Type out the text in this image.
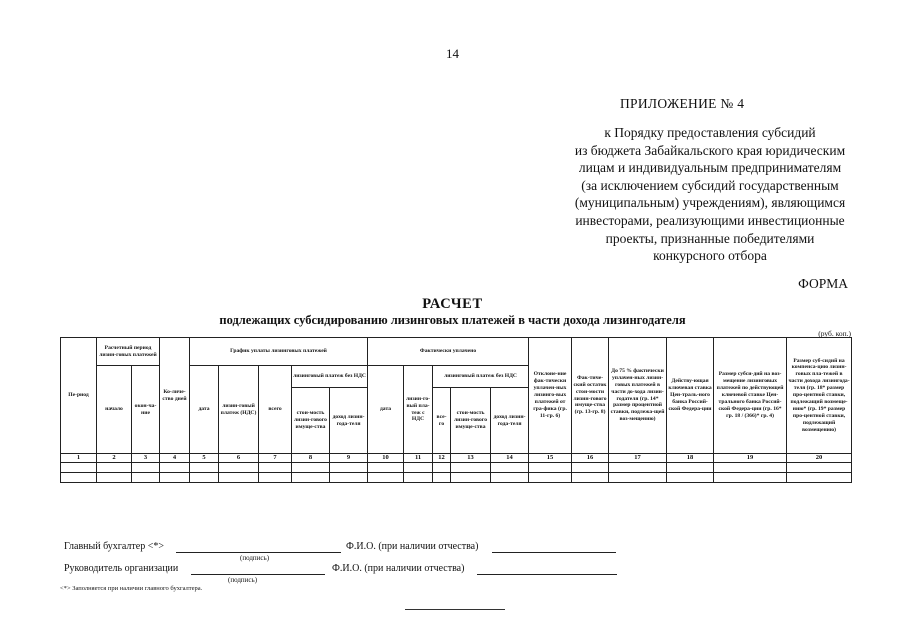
14
ПРИЛОЖЕНИЕ № 4
к Порядку предоставления субсидий
из бюджета Забайкальского края юридическим
лицам и индивидуальным предпринимателям
(за исключением субсидий государственным
(муниципальным) учреждениям), являющимся
инвесторами, реализующими инвестиционные
проекты, признанные победителями
конкурсного отбора
ФОРМА
РАСЧЕТ
подлежащих субсидированию лизинговых платежей в части дохода лизингодателя
(руб. коп.)
Пе-риод	Расчетный период лизин-говых платежей		Ко-личе-ство дней	График уплаты лизинговых платежей					Фактически уплачено					Отклоне-ние фак-тически уплачен-ных лизинго-вых платежей от гра-фика (гр. 11-гр. 6)	Фак-тиче-ский остаток стои-мости лизин-гового имуще-ства (гр. 13-гр. 8)	До 75 % фактически уплачен-ных лизин-говых платежей в части до-хода лизин-годателя (гр. 14* размер процентной ставки, подлежа-щей воз-мещению)	Действу-ющая ключевая ставка Цен-траль-ного банка Россий-ской Федера-ции	Размер субси-дий на воз-мещение лизинговых платежей по действующей ключевой ставке Цен-трального банка Россий-ской Федера-ции (гр. 16* гр. 18 / (366)* гр. 4)	Размер суб-сидий на компенса-цию лизин-говых пла-тежей в части дохода лизингода-теля (гр. 18* размер про-центной ставки, подлежащий возмеще-нию* (гр. 19* размер про-центной ставки, подлежащий возмещению)
	начало	окон-ча-ние		дата	лизин-говый платеж (НДС)	всего	лизинговый платеж без НДС		дата	лизин-го-вый пла-теж с НДС	лизинговый платеж без НДС								
							стои-мость лизин-гового имуще-ства	доход лизин-года-теля			все-го	стои-мость лизин-гового имуще-ства	доход лизин-года-теля						
1	2	3	4	5	6	7	8	9	10	11	12	13	14	15	16	17	18	19	20

Главный бухгалтер <*>	Ф.И.О. (при наличии отчества)
(подпись)
Руководитель организации	Ф.И.О. (при наличии отчества)
(подпись)
<*> Заполняется при наличии главного бухгалтера.
